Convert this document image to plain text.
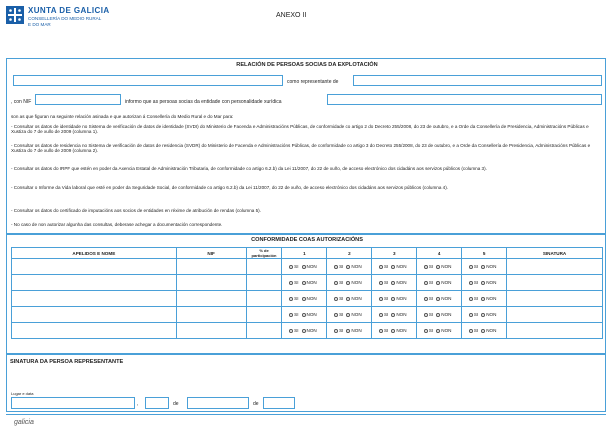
XUNTA DE GALICIA
CONSELLERÍA DO MEDIO RURAL
E DO MAR
ANEXO II
RELACIÓN DE PERSOAS SOCIAS DA EXPLOTACIÓN
como representante de
, con NIF	informo que as persoas socias da entidade con personalidade xurídica
son as que figuran na seguinte relación asinada e que autorizan á Consellería do Medio Rural e do Mar para:
- Consultar os datos de identidade no Sistema de verificación de datos de identidade (SVDI) do Ministerio de Facenda e Administracións Públicas, de conformidade co artigo 2 do Decreto 255/2008, do 23 de outubro, e a Orde da Consellería de Presidencia, Administracións Públicas e Xustiza do 7 de xullo de 2009 (columna 1).
- Consultar os datos de residencia no Sistema de verificación de datos de residencia (SVDR) do Ministerio de Facenda e Administracións Públicas, de conformidade co artigo 3 do Decreto 255/2008, do 23 de outubro, e a Orde da Consellería de Presidencia, Administracións Públicas e Xustiza do 7 de xullo de 2009 (columna 2).
- Consultar os datos do IRPF que estén en poder da Axencia Estatal de Administración Tributaria, de conformidade co artigo 6.2.b) da Lei 11/2007, do 22 de xuño, de acceso electrónico dos cidadáns aos servizos públicos (columna 3).
- Consultar o Informe da Vida laboral que esté en poder da Seguridade Social, de conformidade co artigo 6.2.b) da Lei 11/2007, do 22 de xuño, de acceso electrónico dos cidadáns aos servizos públicos (columna 4).
- Consultar os datos do certificado de imputacións aos socios de entidades en réxime de atribución de rendas (columna 5).
- No caso de non autorizar algunha das consultas, deberase achegar a documentación correspondente.
CONFORMIDADE COAS AUTORIZACIÓNS
APELIDOS E NOME	NIF	% de participación	1	2	3	4	5	SINATURA
			SI NON	SI NON	SI NON	SI NON	SI NON	
			SI NON	SI NON	SI NON	SI NON	SI NON	
			SI NON	SI NON	SI NON	SI NON	SI NON	
			SI NON	SI NON	SI NON	SI NON	SI NON	
			SI NON	SI NON	SI NON	SI NON	SI NON	
SINATURA DA PERSOA REPRESENTANTE
Lugar e data
,	de	de
galicia
